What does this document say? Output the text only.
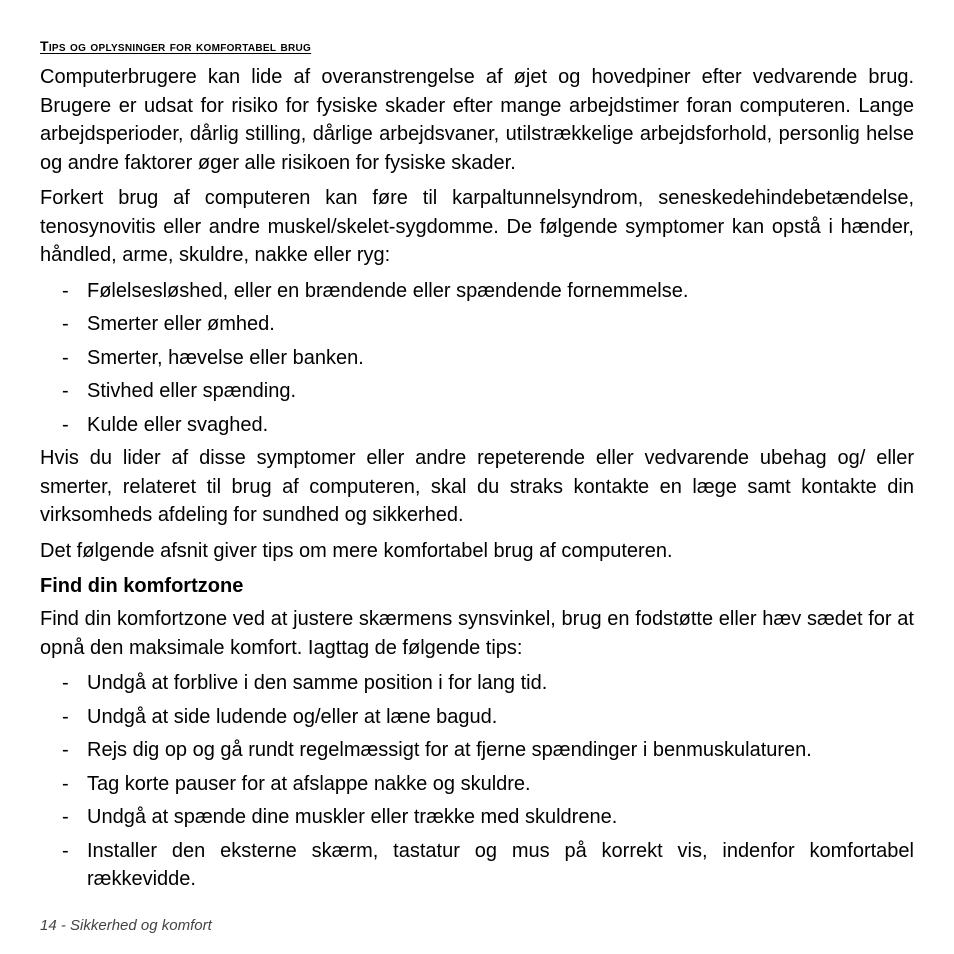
Tips og oplysninger for komfortabel brug

Computerbrugere kan lide af overanstrengelse af øjet og hovedpiner efter vedvarende brug. Brugere er udsat for risiko for fysiske skader efter mange arbejdstimer foran computeren. Lange arbejdsperioder, dårlig stilling, dårlige arbejdsvaner, utilstrækkelige arbejdsforhold, personlig helse og andre faktorer øger alle risikoen for fysiske skader.

Forkert brug af computeren kan føre til karpaltunnelsyndrom, seneskedehindebetændelse, tenosynovitis eller andre muskel/skelet-sygdomme. De følgende symptomer kan opstå i hænder, håndled, arme, skuldre, nakke eller ryg:

- Følelsesløshed, eller en brændende eller spændende fornemmelse.
- Smerter eller ømhed.
- Smerter, hævelse eller banken.
- Stivhed eller spænding.
- Kulde eller svaghed.

Hvis du lider af disse symptomer eller andre repeterende eller vedvarende ubehag og/ eller smerter, relateret til brug af computeren, skal du straks kontakte en læge samt kontakte din virksomheds afdeling for sundhed og sikkerhed.

Det følgende afsnit giver tips om mere komfortabel brug af computeren.

Find din komfortzone

Find din komfortzone ved at justere skærmens synsvinkel, brug en fodstøtte eller hæv sædet for at opnå den maksimale komfort. Iagttag de følgende tips:

- Undgå at forblive i den samme position i for lang tid.
- Undgå at side ludende og/eller at læne bagud.
- Rejs dig op og gå rundt regelmæssigt for at fjerne spændinger i benmuskulaturen.
- Tag korte pauser for at afslappe nakke og skuldre.
- Undgå at spænde dine muskler eller trække med skuldrene.
- Installer den eksterne skærm, tastatur og mus på korrekt vis, indenfor komfortabel rækkevidde.
14 - Sikkerhed og komfort
